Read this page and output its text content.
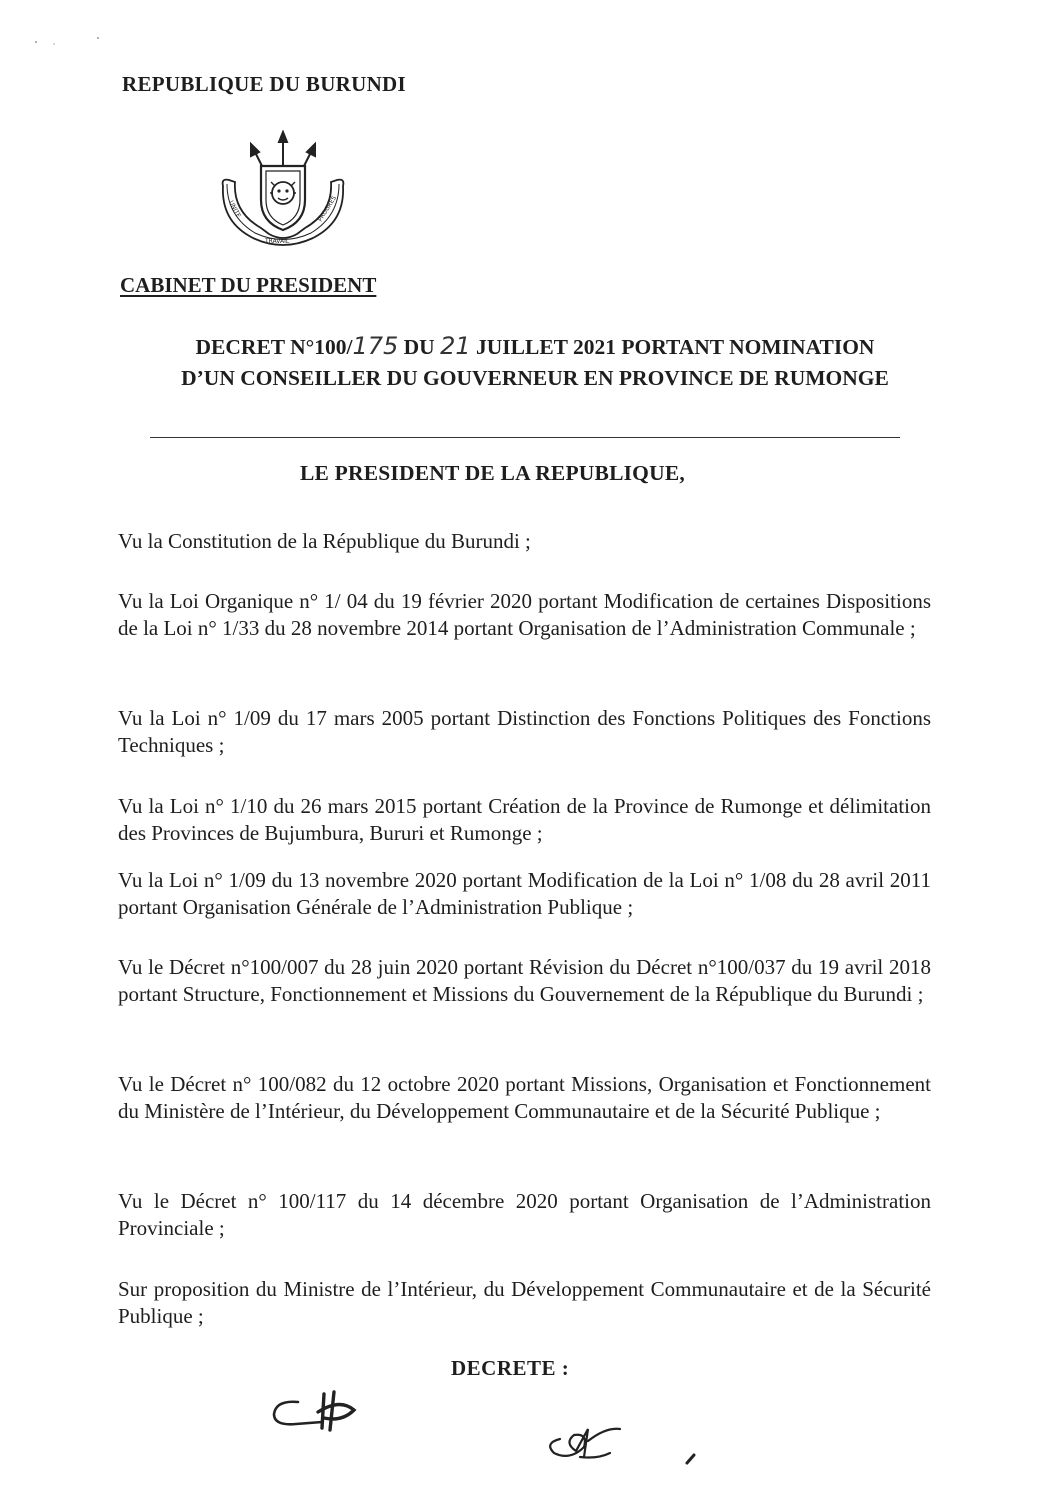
REPUBLIQUE DU BURUNDI
UNITE
TRAVAIL
PROGRES
CABINET DU PRESIDENT
DECRET N°100/175 DU 21 JUILLET 2021 PORTANT NOMINATION
D’UN CONSEILLER DU GOUVERNEUR EN PROVINCE DE RUMONGE
LE PRESIDENT DE LA REPUBLIQUE,
Vu la Constitution de la République du Burundi ;
Vu la Loi Organique n° 1/ 04 du 19 février 2020 portant Modification de certaines Dispositions de la Loi n° 1/33 du 28 novembre 2014 portant Organisation de l’Administration Communale ;
Vu la Loi n° 1/09 du 17 mars 2005 portant Distinction des Fonctions Politiques des Fonctions Techniques ;
Vu la Loi n° 1/10 du 26 mars 2015 portant Création de la Province de Rumonge et délimitation des Provinces de Bujumbura, Bururi et Rumonge ;
Vu la Loi n° 1/09 du 13 novembre 2020 portant Modification de la Loi n° 1/08 du 28 avril 2011 portant Organisation Générale de l’Administration Publique ;
Vu le Décret n°100/007 du 28 juin 2020 portant Révision du Décret n°100/037 du 19 avril 2018 portant Structure, Fonctionnement et Missions du Gouvernement de la République du Burundi ;
Vu le Décret n° 100/082 du 12 octobre 2020 portant Missions, Organisation et Fonctionnement du Ministère de l’Intérieur, du Développement Communautaire et de la Sécurité Publique ;
Vu le Décret n° 100/117 du 14 décembre 2020 portant Organisation de l’Administration Provinciale ;
Sur proposition du Ministre de l’Intérieur, du Développement Communautaire et de la Sécurité Publique ;
DECRETE :
